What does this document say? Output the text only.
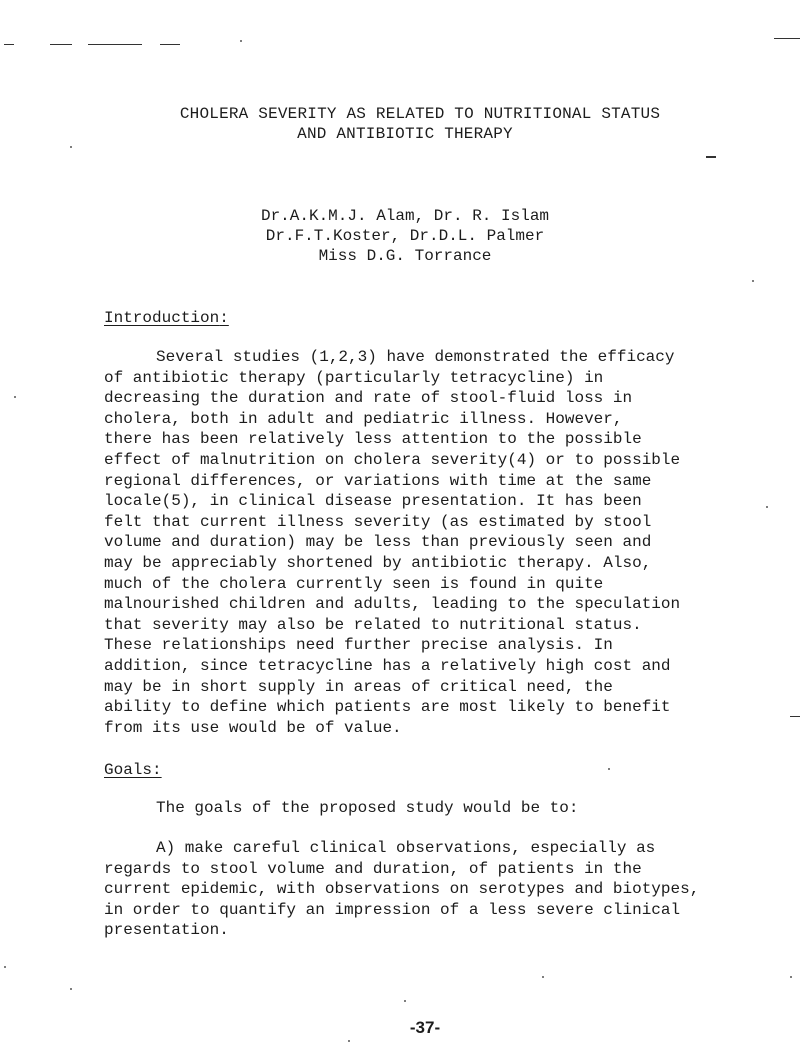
CHOLERA SEVERITY AS RELATED TO NUTRITIONAL STATUS
AND ANTIBIOTIC THERAPY
Dr.A.K.M.J. Alam, Dr. R. Islam
Dr.F.T.Koster, Dr.D.L. Palmer
Miss D.G. Torrance
Introduction:
Several studies (1,2,3) have demonstrated the efficacy
of antibiotic therapy (particularly tetracycline) in
decreasing the duration and rate of stool-fluid loss in
cholera, both in adult and pediatric illness. However,
there has been relatively less attention to the possible
effect of malnutrition on cholera severity(4) or to possible
regional differences, or variations with time at the same
locale(5), in clinical disease presentation. It has been
felt that current illness severity (as estimated by stool
volume and duration) may be less than previously seen and
may be appreciably shortened by antibiotic therapy. Also,
much of the cholera currently seen is found in quite
malnourished children and adults, leading to the speculation
that severity may also be related to nutritional status.
These relationships need further precise analysis. In
addition, since tetracycline has a relatively high cost and
may be in short supply in areas of critical need, the
ability to define which patients are most likely to benefit
from its use would be of value.
Goals:
The goals of the proposed study would be to:
A) make careful clinical observations, especially as
regards to stool volume and duration, of patients in the
current epidemic, with observations on serotypes and biotypes,
in order to quantify an impression of a less severe clinical
presentation.
-37-
